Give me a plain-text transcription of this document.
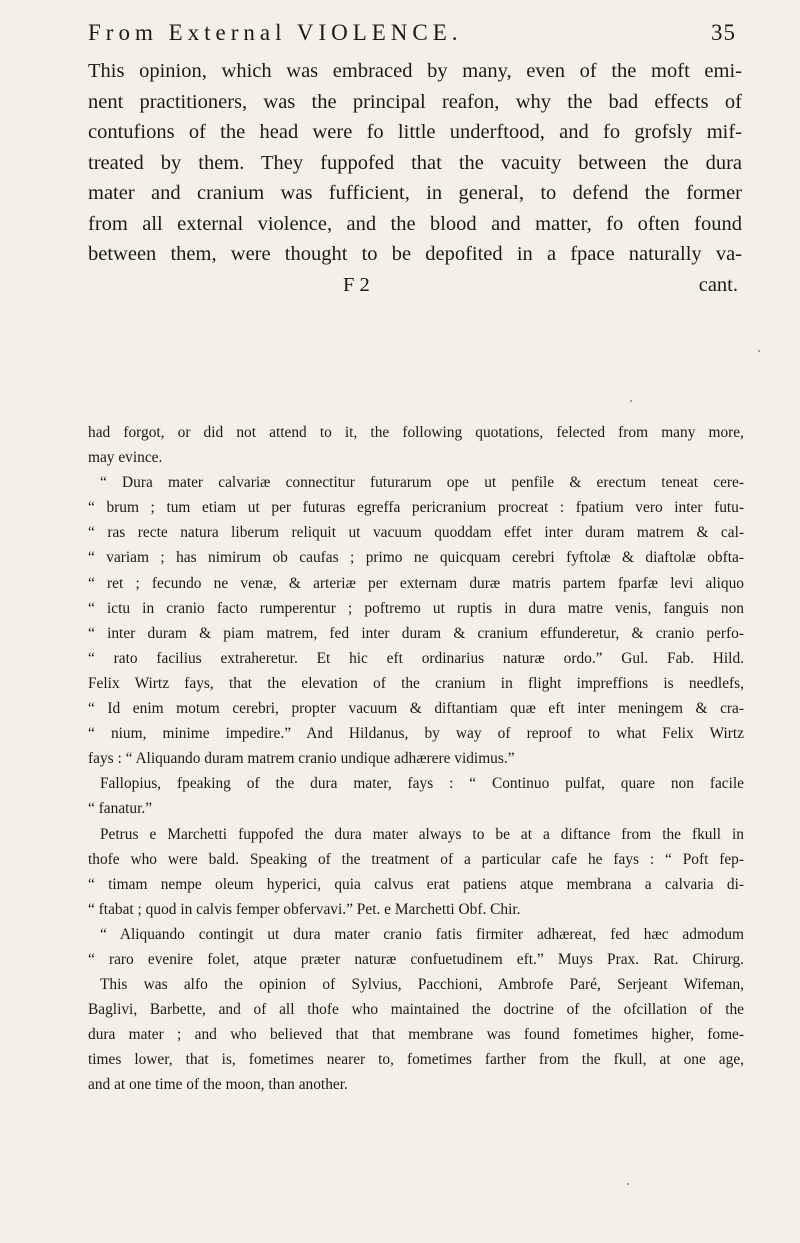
From External VIOLENCE.	35
This opinion, which was embraced by many, even of the moft emi-
nent practitioners, was the principal reafon, why the bad effects of
contufions of the head were fo little underftood, and fo grofsly mif-
treated by them. They fuppofed that the vacuity between the dura
mater and cranium was fufficient, in general, to defend the former
from all external violence, and the blood and matter, fo often found
between them, were thought to be depofited in a fpace naturally va-

F 2	cant.
had forgot, or did not attend to it, the following quotations, felected from many more,
may evince.
“ Dura mater calvariæ connectitur futurarum ope ut penfile & erectum teneat cere-
“ brum ; tum etiam ut per futuras egreffa pericranium procreat : fpatium vero inter futu-
“ ras recte natura liberum reliquit ut vacuum quoddam effet inter duram matrem & cal-
“ variam ; has nimirum ob caufas ; primo ne quicquam cerebri fyftolæ & diaftolæ obfta-
“ ret ; fecundo ne venæ, & arteriæ per externam duræ matris partem fparfæ levi aliquo
“ ictu in cranio facto rumperentur ; poftremo ut ruptis in dura matre venis, fanguis non
“ inter duram & piam matrem, fed inter duram & cranium effunderetur, & cranio perfo-
“ rato facilius extraheretur. Et hic eft ordinarius naturæ ordo.” Gul. Fab. Hild.
Felix Wirtz fays, that the elevation of the cranium in flight impreffions is needlefs,
“ Id enim motum cerebri, propter vacuum & diftantiam quæ eft inter meningem & cra-
“ nium, minime impedire.” And Hildanus, by way of reproof to what Felix Wirtz
fays : “ Aliquando duram matrem cranio undique adhærere vidimus.”
Fallopius, fpeaking of the dura mater, fays : “ Continuo pulfat, quare non facile
“ fanatur.”
Petrus e Marchetti fuppofed the dura mater always to be at a diftance from the fkull in
thofe who were bald. Speaking of the treatment of a particular cafe he fays : “ Poft fep-
“ timam nempe oleum hyperici, quia calvus erat patiens atque membrana a calvaria di-
“ ftabat ; quod in calvis femper obfervavi.” Pet. e Marchetti Obf. Chir.
“ Aliquando contingit ut dura mater cranio fatis firmiter adhæreat, fed hæc admodum
“ raro evenire folet, atque præter naturæ confuetudinem eft.” Muys Prax. Rat. Chirurg.
This was alfo the opinion of Sylvius, Pacchioni, Ambrofe Paré, Serjeant Wifeman,
Baglivi, Barbette, and of all thofe who maintained the doctrine of the ofcillation of the
dura mater ; and who believed that that membrane was found fometimes higher, fome-
times lower, that is, fometimes nearer to, fometimes farther from the fkull, at one age,
and at one time of the moon, than another.
